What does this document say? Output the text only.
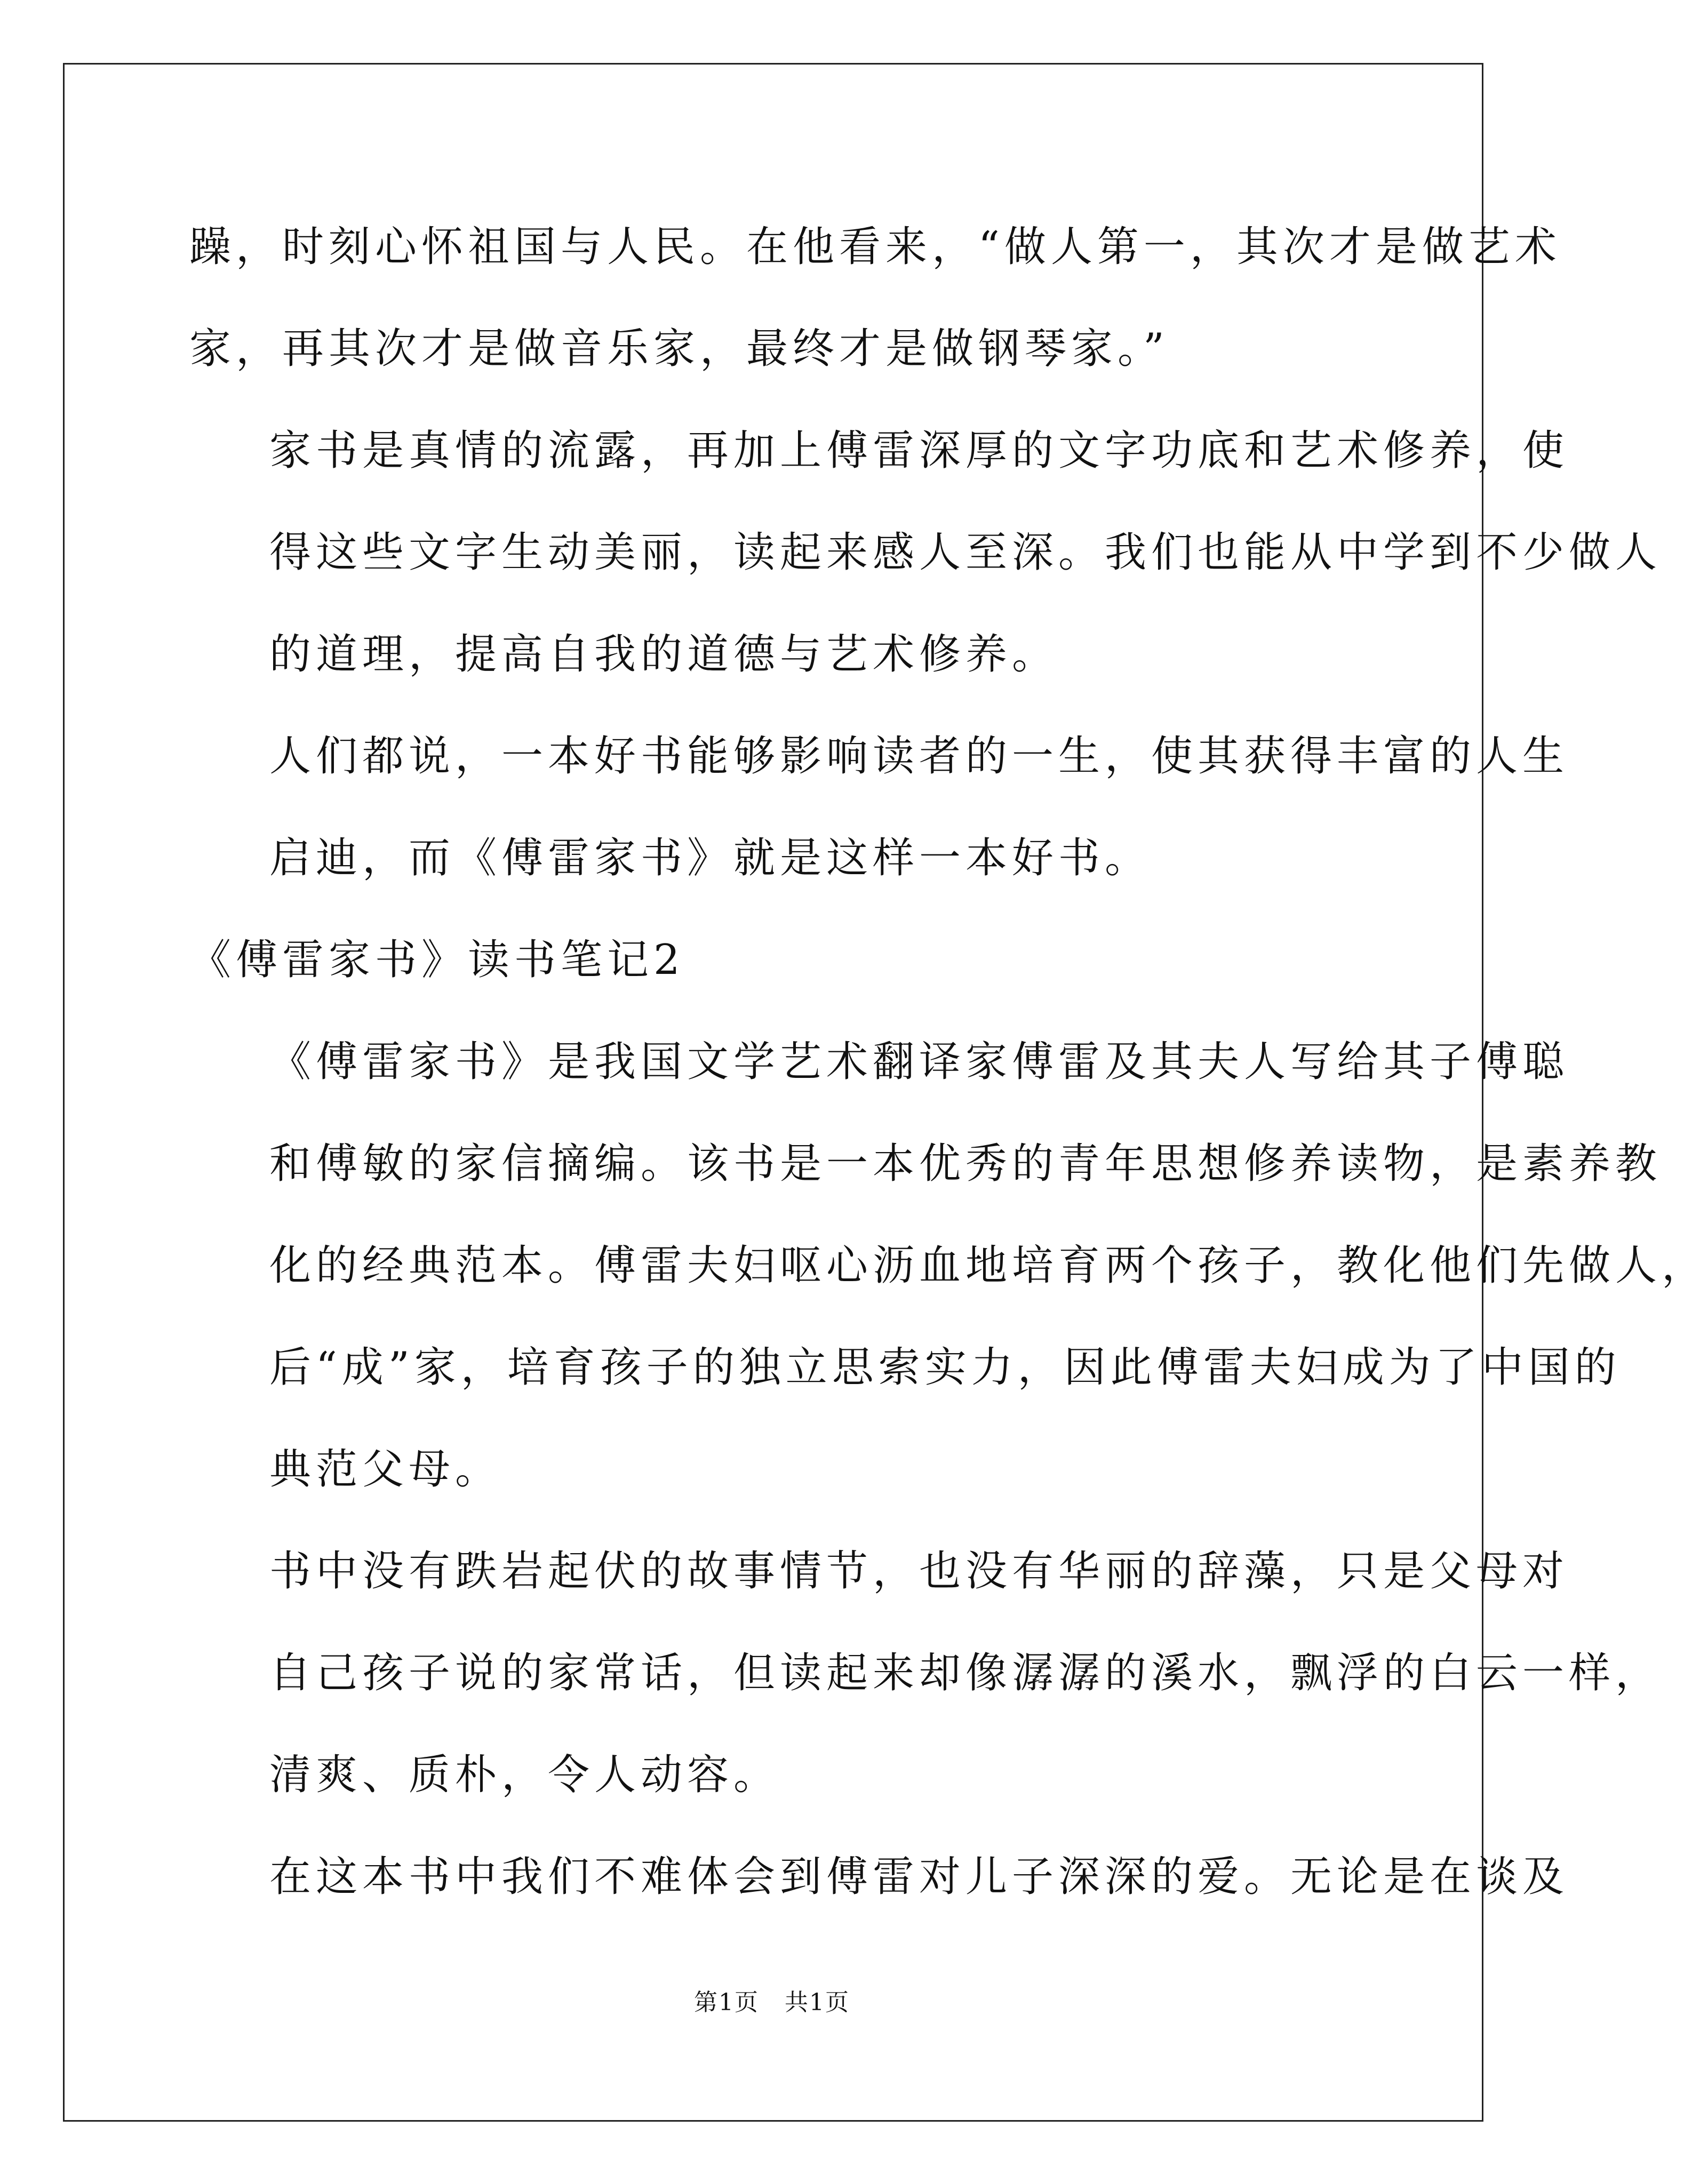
躁，时刻心怀祖国与人民。在他看来，“做人第一，其次才是做艺术
家，再其次才是做音乐家，最终才是做钢琴家。”

家书是真情的流露，再加上傅雷深厚的文字功底和艺术修养，使
得这些文字生动美丽，读起来感人至深。我们也能从中学到不少做人
的道理，提高自我的道德与艺术修养。

人们都说，一本好书能够影响读者的一生，使其获得丰富的人生
启迪，而《傅雷家书》就是这样一本好书。

《傅雷家书》读书笔记2

《傅雷家书》是我国文学艺术翻译家傅雷及其夫人写给其子傅聪
和傅敏的家信摘编。该书是一本优秀的青年思想修养读物，是素养教
化的经典范本。傅雷夫妇呕心沥血地培育两个孩子，教化他们先做人，
后“成”家，培育孩子的独立思索实力，因此傅雷夫妇成为了中国的
典范父母。

书中没有跌岩起伏的故事情节，也没有华丽的辞藻，只是父母对
自己孩子说的家常话，但读起来却像潺潺的溪水，飘浮的白云一样，
清爽、质朴，令人动容。

在这本书中我们不难体会到傅雷对儿子深深的爱。无论是在谈及

第1页   共1页
